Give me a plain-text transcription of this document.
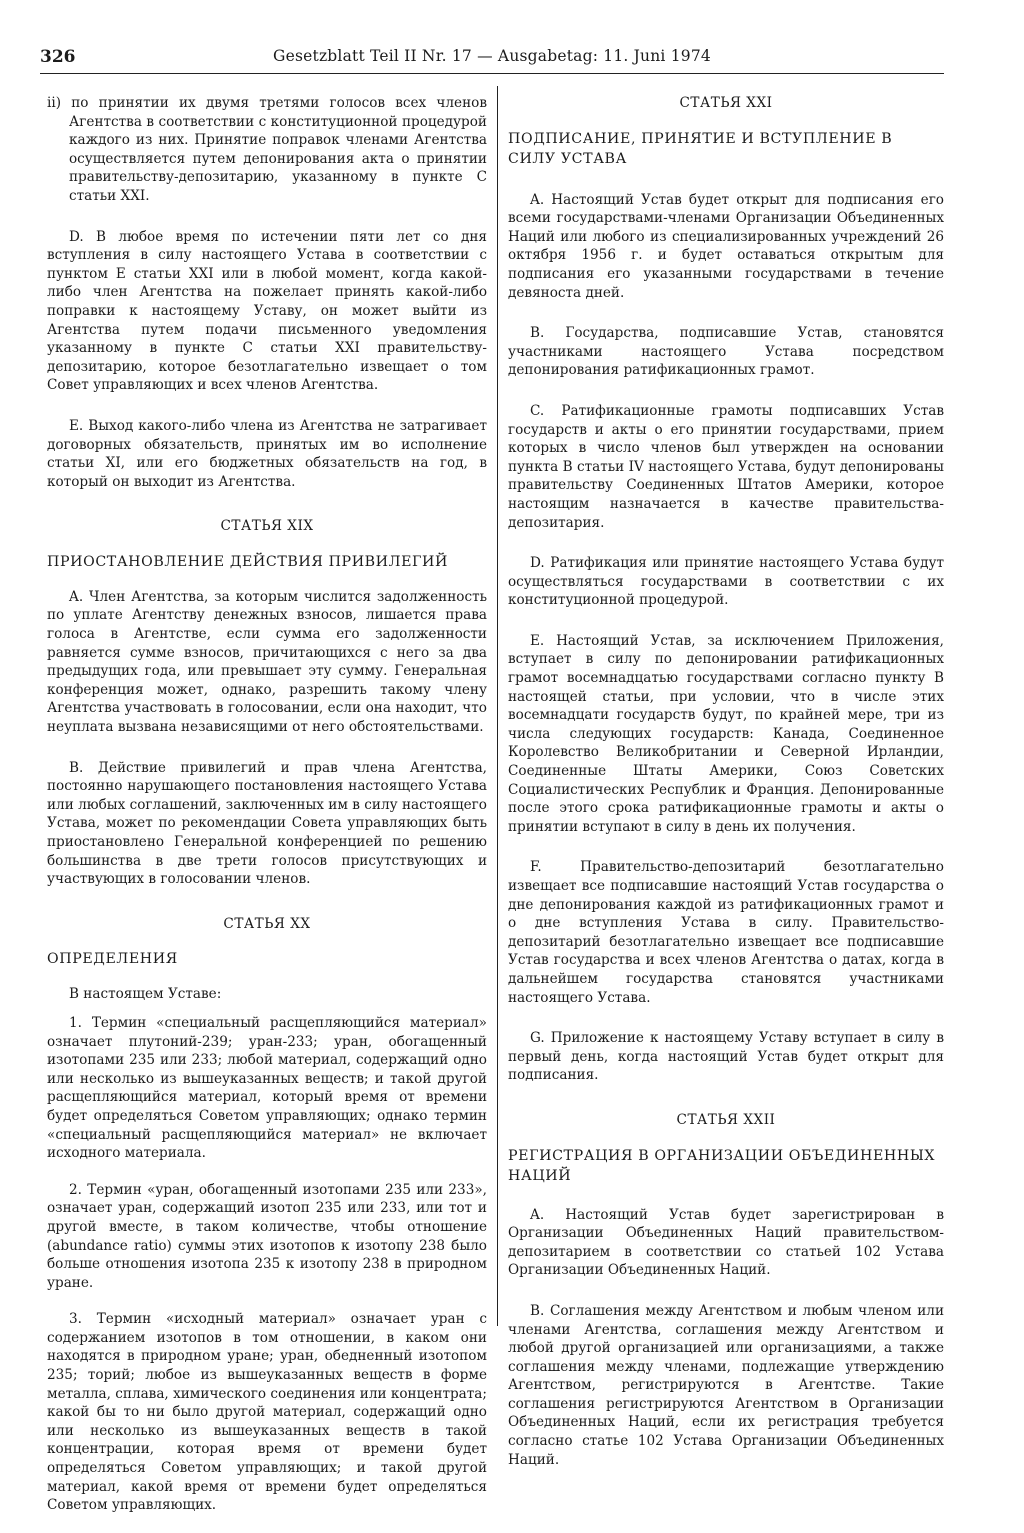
326	Gesetzblatt Teil II Nr. 17 — Ausgabetag: 11. Juni 1974

ii) по принятии их двумя третями голосов всех членов Агентства в соответствии с конституционной процедурой каждого из них. Принятие поправок членами Агентства осуществляется путем депонирования акта о принятии правительству-депозитарию, указанному в пункте С статьи XXI.

D. В любое время по истечении пяти лет со дня вступления в силу настоящего Устава в соответствии с пунктом Е статьи XXI или в любой момент, когда какой-либо член Агентства на пожелает принять какой-либо поправки к настоящему Уставу, он может выйти из Агентства путем подачи письменного уведомления указанному в пункте С статьи XXI правительству-депозитарию, которое безотлагательно извещает о том Совет управляющих и всех членов Агентства.

E. Выход какого-либо члена из Агентства не затрагивает договорных обязательств, принятых им во исполнение статьи XI, или его бюджетных обязательств на год, в который он выходит из Агентства.

СТАТЬЯ XIX
ПРИОСТАНОВЛЕНИЕ ДЕЙСТВИЯ ПРИВИЛЕГИЙ

A. Член Агентства, за которым числится задолженность по уплате Агентству денежных взносов, лишается права голоса в Агентстве, если сумма его задолженности равняется сумме взносов, причитающихся с него за два предыдущих года, или превышает эту сумму. Генеральная конференция может, однако, разрешить такому члену Агентства участвовать в голосовании, если она находит, что неуплата вызвана независящими от него обстоятельствами.

B. Действие привилегий и прав члена Агентства, постоянно нарушающего постановления настоящего Устава или любых соглашений, заключенных им в силу настоящего Устава, может по рекомендации Совета управляющих быть приостановлено Генеральной конференцией по решению большинства в две трети голосов присутствующих и участвующих в голосовании членов.

СТАТЬЯ XX
ОПРЕДЕЛЕНИЯ

В настоящем Уставе:

1. Термин «специальный расщепляющийся материал» означает плутоний-239; уран-233; уран, обогащенный изотопами 235 или 233; любой материал, содержащий одно или несколько из вышеуказанных веществ; и такой другой расщепляющийся материал, который время от времени будет определяться Советом управляющих; однако термин «специальный расщепляющийся материал» не включает исходного материала.

2. Термин «уран, обогащенный изотопами 235 или 233», означает уран, содержащий изотоп 235 или 233, или тот и другой вместе, в таком количестве, чтобы отношение (abundance ratio) суммы этих изотопов к изотопу 238 было больше отношения изотопа 235 к изотопу 238 в природном уране.

3. Термин «исходный материал» означает уран с содержанием изотопов в том отношении, в каком они находятся в природном уране; уран, обедненный изотопом 235; торий; любое из вышеуказанных веществ в форме металла, сплава, химического соединения или концентрата; какой бы то ни было другой материал, содержащий одно или несколько из вышеуказанных веществ в такой концентрации, которая время от времени будет определяться Советом управляющих; и такой другой материал, какой время от времени будет определяться Советом управляющих.

СТАТЬЯ XXI
ПОДПИСАНИЕ, ПРИНЯТИЕ И ВСТУПЛЕНИЕ В СИЛУ УСТАВА

A. Настоящий Устав будет открыт для подписания его всеми государствами-членами Организации Объединенных Наций или любого из специализированных учреждений 26 октября 1956 г. и будет оставаться открытым для подписания его указанными государствами в течение девяноста дней.

B. Государства, подписавшие Устав, становятся участниками настоящего Устава посредством депонирования ратификационных грамот.

C. Ратификационные грамоты подписавших Устав государств и акты о его принятии государствами, прием которых в число членов был утвержден на основании пункта B статьи IV настоящего Устава, будут депонированы правительству Соединенных Штатов Америки, которое настоящим назначается в качестве правительства-депозитария.

D. Ратификация или принятие настоящего Устава будут осуществляться государствами в соответствии с их конституционной процедурой.

E. Настоящий Устав, за исключением Приложения, вступает в силу по депонировании ратификационных грамот восемнадцатью государствами согласно пункту B настоящей статьи, при условии, что в числе этих восемнадцати государств будут, по крайней мере, три из числа следующих государств: Канада, Соединенное Королевство Великобритании и Северной Ирландии, Соединенные Штаты Америки, Союз Советских Социалистических Республик и Франция. Депонированные после этого срока ратификационные грамоты и акты о принятии вступают в силу в день их получения.

F. Правительство-депозитарий безотлагательно извещает все подписавшие настоящий Устав государства о дне депонирования каждой из ратификационных грамот и о дне вступления Устава в силу. Правительство-депозитарий безотлагательно извещает все подписавшие Устав государства и всех членов Агентства о датах, когда в дальнейшем государства становятся участниками настоящего Устава.

G. Приложение к настоящему Уставу вступает в силу в первый день, когда настоящий Устав будет открыт для подписания.

СТАТЬЯ XXII
РЕГИСТРАЦИЯ В ОРГАНИЗАЦИИ ОБЪЕДИНЕННЫХ НАЦИЙ

A. Настоящий Устав будет зарегистрирован в Организации Объединенных Наций правительством-депозитарием в соответствии со статьей 102 Устава Организации Объединенных Наций.

B. Соглашения между Агентством и любым членом или членами Агентства, соглашения между Агентством и любой другой организацией или организациями, а также соглашения между членами, подлежащие утверждению Агентством, регистрируются в Агентстве. Такие соглашения регистрируются Агентством в Организации Объединенных Наций, если их регистрация требуется согласно статье 102 Устава Организации Объединенных Наций.
